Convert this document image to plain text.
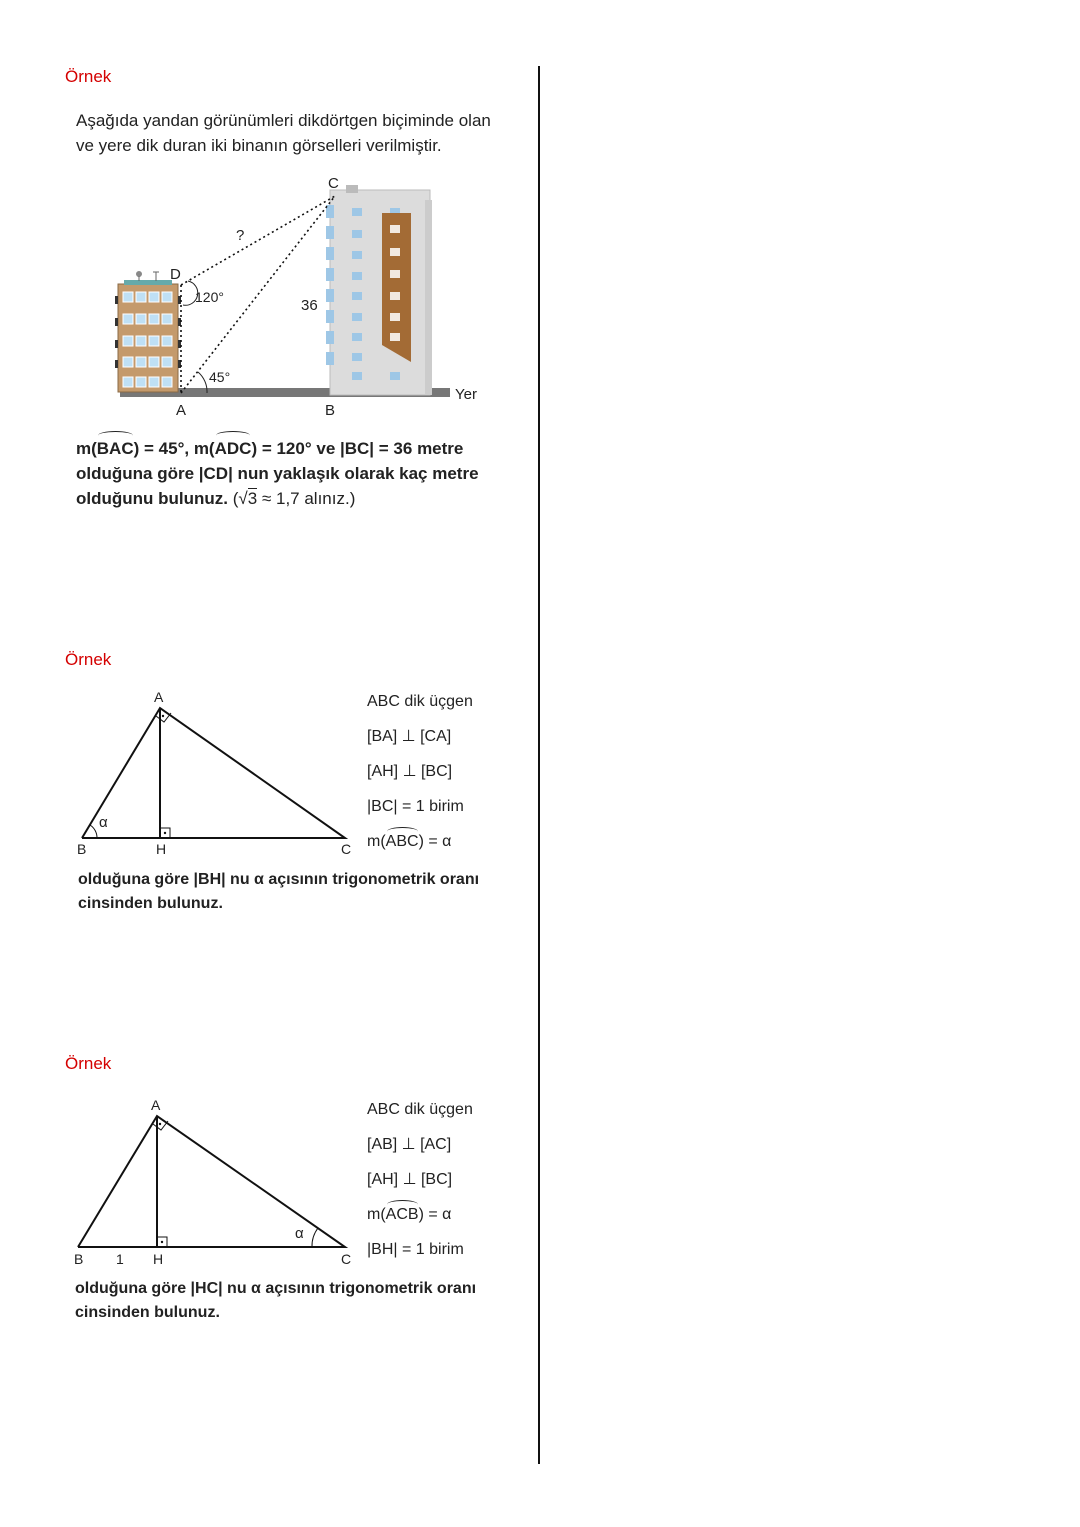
Örnek
Aşağıda yandan görünümleri dikdörtgen biçiminde olan
ve yere dik duran iki binanın görselleri verilmiştir.
C
D
A	B
?
120°
45°
36
Yer
m(BAC) = 45°, m(ADC) = 120° ve |BC| = 36 metre
olduğuna göre |CD| nun yaklaşık olarak kaç metre
olduğunu bulunuz. (√3 ≈ 1,7 alınız.)
Örnek
A
B	H	C
α
ABC dik üçgen
[BA] ⊥ [CA]
[AH] ⊥ [BC]
|BC| = 1 birim
m(ABC) = α
olduğuna göre |BH| nu α açısının trigonometrik oranı
cinsinden bulunuz.
Örnek
A
B 1 H	C
α
ABC dik üçgen
[AB] ⊥ [AC]
[AH] ⊥ [BC]
m(ACB) = α
|BH| = 1 birim
olduğuna göre |HC| nu α açısının trigonometrik oranı
cinsinden bulunuz.
